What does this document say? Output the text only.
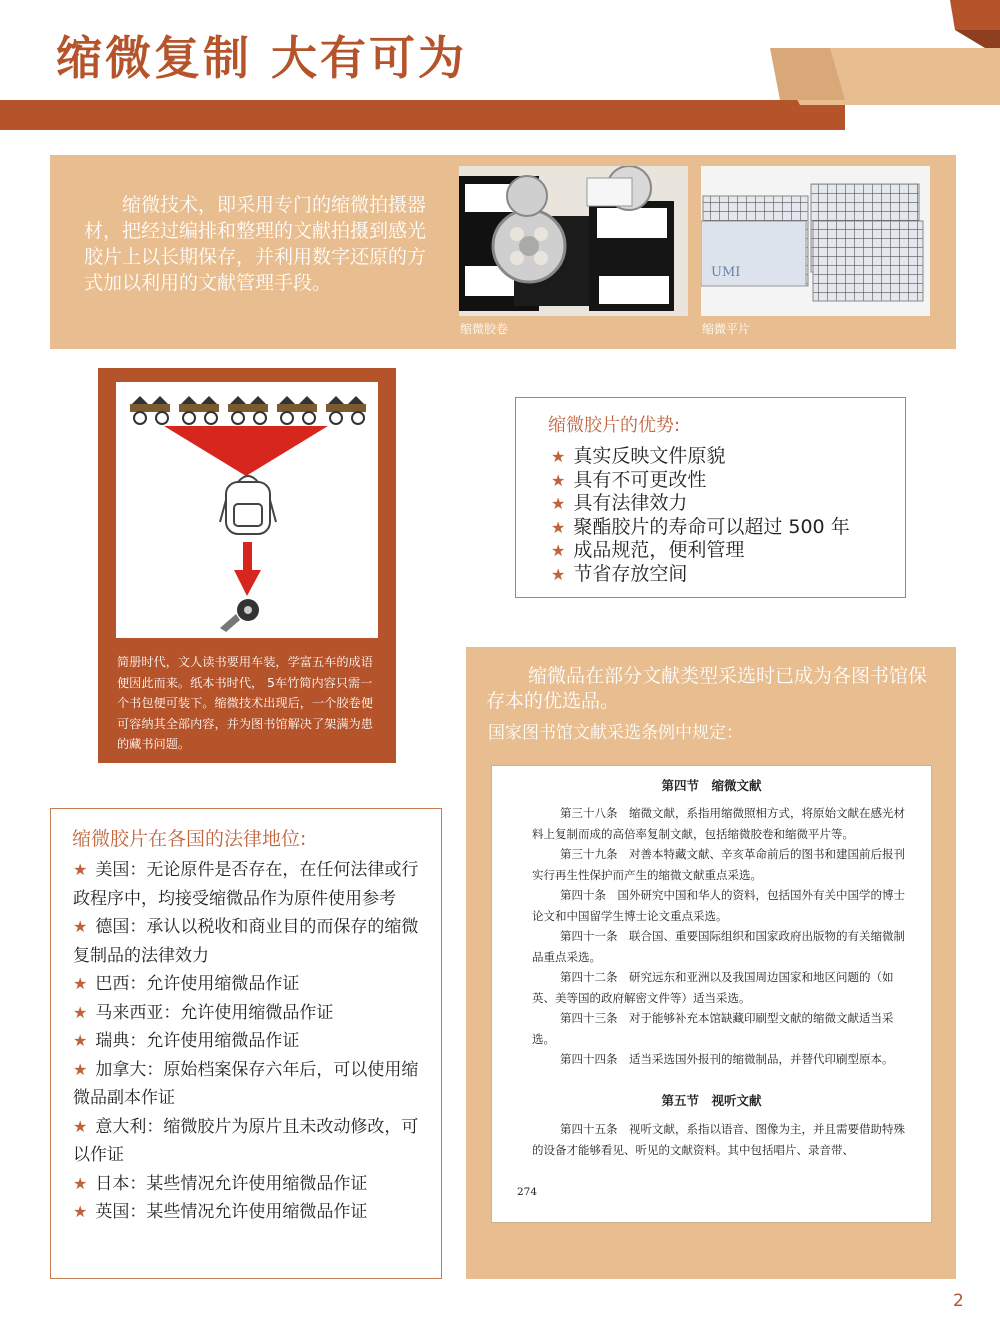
缩微复制 大有可为

缩微技术，即采用专门的缩微拍摄器材，把经过编排和整理的文献拍摄到感光胶片上以长期保存，并利用数字还原的方式加以利用的文献管理手段。

缩微胶卷
UMI
缩微平片

简册时代，文人读书要用车装，学富五车的成语便因此而来。纸本书时代， 5车竹简内容只需一个书包便可装下。缩微技术出现后，一个胶卷便可容纳其全部内容，并为图书馆解决了架满为患的藏书问题。

缩微胶片的优势:
★ 真实反映文件原貌
★ 具有不可更改性
★ 具有法律效力
★ 聚酯胶片的寿命可以超过 500 年
★ 成品规范，便利管理
★ 节省存放空间
缩微胶片在各国的法律地位:
★ 美国：无论原件是否存在，在任何法律或行政程序中，均接受缩微品作为原件使用参考
★ 德国：承认以税收和商业目的而保存的缩微复制品的法律效力
★ 巴西：允许使用缩微品作证
★ 马来西亚：允许使用缩微品作证
★ 瑞典：允许使用缩微品作证
★ 加拿大：原始档案保存六年后，可以使用缩微品副本作证
★ 意大利：缩微胶片为原片且未改动修改，可以作证
★ 日本：某些情况允许使用缩微品作证
★ 英国：某些情况允许使用缩微品作证

缩微品在部分文献类型采选时已成为各图书馆保存本的优选品。

国家图书馆文献采选条例中规定：
第四节　缩微文献

第三十八条　缩微文献，系指用缩微照相方式，将原始文献在感光材料上复制而成的高倍率复制文献，包括缩微胶卷和缩微平片等。

第三十九条　对善本特藏文献、辛亥革命前后的图书和建国前后报刊实行再生性保护而产生的缩微文献重点采选。

第四十条　国外研究中国和华人的资料，包括国外有关中国学的博士论文和中国留学生博士论文重点采选。

第四十一条　联合国、重要国际组织和国家政府出版物的有关缩微制品重点采选。

第四十二条　研究远东和亚洲以及我国周边国家和地区问题的（如英、美等国的政府解密文件等）适当采选。

第四十三条　对于能够补充本馆缺藏印刷型文献的缩微文献适当采选。

第四十四条　适当采选国外报刊的缩微制品，并替代印刷型原本。

第五节　视听文献

第四十五条　视听文献，系指以语音、图像为主，并且需要借助特殊的设备才能够看见、听见的文献资料。其中包括唱片、录音带、

274
2
